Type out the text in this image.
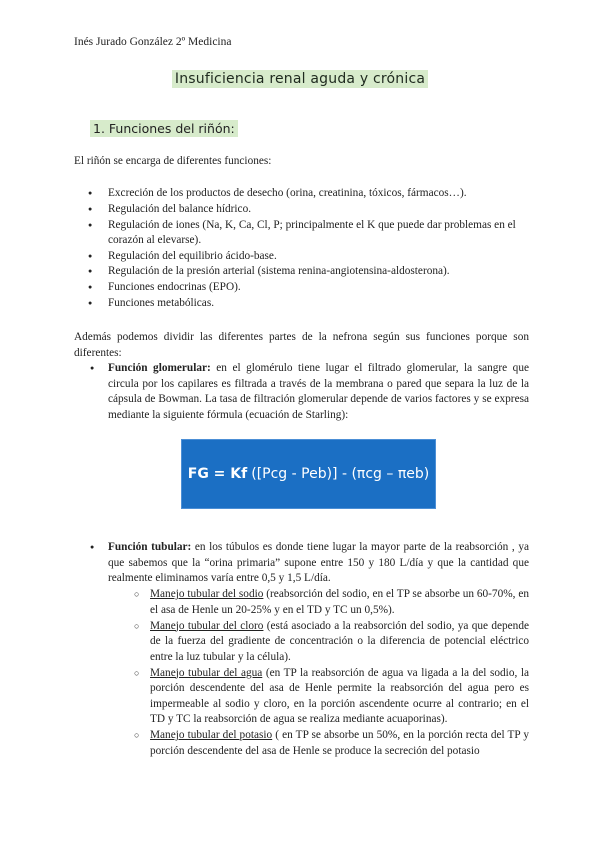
Inés Jurado González 2º Medicina
Insuficiencia renal aguda y crónica
1. Funciones del riñón:
El riñón se encarga de diferentes funciones:
● Excreción de los productos de desecho (orina, creatinina, tóxicos, fármacos…).
● Regulación del balance hídrico.
● Regulación de iones (Na, K, Ca, Cl, P; principalmente el K que puede dar problemas en el corazón al elevarse).
● Regulación del equilibrio ácido-base.
● Regulación de la presión arterial (sistema renina-angiotensina-aldosterona).
● Funciones endocrinas (EPO).
● Funciones metabólicas.
Además podemos dividir las diferentes partes de la nefrona según sus funciones porque son diferentes:
● Función glomerular: en el glomérulo tiene lugar el filtrado glomerular, la sangre que circula por los capilares es filtrada a través de la membrana o pared que separa la luz de la cápsula de Bowman. La tasa de filtración glomerular depende de varios factores y se expresa mediante la siguiente fórmula (ecuación de Starling):
FG = Kf ([Pcg - Peb)] - (πcg – πeb)
● Función tubular: en los túbulos es donde tiene lugar la mayor parte de la reabsorción , ya que sabemos que la “orina primaria” supone entre 150 y 180 L/día y que la cantidad que realmente eliminamos varía entre 0,5 y 1,5 L/día.
○ Manejo tubular del sodio (reabsorción del sodio, en el TP se absorbe un 60-70%, en el asa de Henle un 20-25% y en el TD y TC un 0,5%).
○ Manejo tubular del cloro (está asociado a la reabsorción del sodio, ya que depende de la fuerza del gradiente de concentración o la diferencia de potencial eléctrico entre la luz tubular y la célula).
○ Manejo tubular del agua (en TP la reabsorción de agua va ligada a la del sodio, la porción descendente del asa de Henle permite la reabsorción del agua pero es impermeable al sodio y cloro, en la porción ascendente ocurre al contrario; en el TD y TC la reabsorción de agua se realiza mediante acuaporinas).
○ Manejo tubular del potasio ( en TP se absorbe un 50%, en la porción recta del TP y porción descendente del asa de Henle se produce la secreción del potasio
